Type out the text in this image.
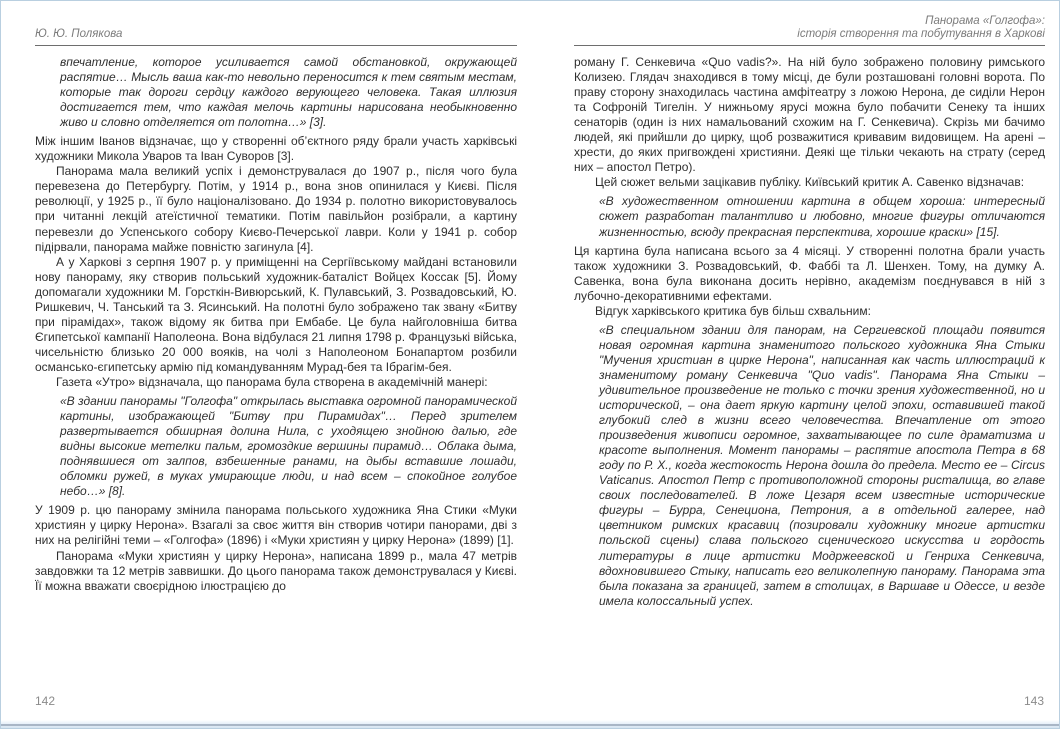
Ю. Ю. Полякова

впечатление, которое усиливается самой обстановкой, окружающей распятие… Мысль ваша как-то невольно переносится к тем святым местам, которые так дороги сердцу каждого верующего человека. Такая иллюзия достигается тем, что каждая мелочь картины нарисована необыкновенно живо и словно отделяется от полотна…» [3].

Між іншим Іванов відзначає, що у створенні об’єктного ряду брали участь харківські художники Микола Уваров та Іван Суворов [3].

Панорама мала великий успіх і демонструвалася до 1907 р., після чого була перевезена до Петербургу. Потім, у 1914 р., вона знов опинилася у Києві. Після революції, у 1925 р., її було націоналізовано. До 1934 р. полотно використовувалось при читанні лекцій атеїстичної тематики. Потім павільйон розібрали, а картину перевезли до Успенського собору Києво-Печерської лаври. Коли у 1941 р. собор підірвали, панорама майже повністю загинула [4].

А у Харкові з серпня 1907 р. у приміщенні на Сергіївському майдані встановили нову панораму, яку створив польський художник-баталіст Войцех Коссак [5]. Йому допомагали художники М. Горсткін-Вивюрський, К. Пулавський, З. Розвадовський, Ю. Ришкевич, Ч. Танський та З. Ясинський. На полотні було зображено так звану «Битву при пірамідах», також відому як битва при Ембабе. Це була найголовніша битва Єгипетської кампанії Наполеона. Вона відбулася 21 липня 1798 р. Французькі війська, чисельністю близько 20 000 вояків, на чолі з Наполеоном Бонапартом розбили османсько-єгипетську армію під командуванням Мурад-бея та Ібрагім-бея.

Газета «Утро» відзначала, що панорама була створена в академічній манері:

«В здании панорамы "Голгофа" открылась выставка огромной панорамической картины, изображающей "Битву при Пирамидах"… Перед зрителем развертывается обширная долина Нила, с уходящею знойною далью, где видны высокие метелки пальм, громоздкие вершины пирамид… Облака дыма, поднявшиеся от залпов, взбешенные ранами, на дыбы вставшие лошади, обломки ружей, в муках умирающие люди, и над всем – спокойное голубое небо…» [8].

У 1909 р. цю панораму змінила панорама польського художника Яна Стики «Муки християн у цирку Нерона». Взагалі за своє життя він створив чотири панорами, дві з них на релігійні теми – «Голгофа» (1896) і «Муки християн у цирку Нерона» (1899) [1].

Панорама «Муки християн у цирку Нерона», написана 1899 р., мала 47 метрів завдовжки та 12 метрів заввишки. До цього панорама також демонструвалася у Києві. Її можна вважати своєрідною ілюстрацією до

142
Панорама «Голгофа»:
історія створення та побутування в Харкові

роману Г. Сенкевича «Quo vadis?». На ній було зображено половину римського Колизею. Глядач знаходився в тому місці, де були розташовані головні ворота. По праву сторону знаходилась частина амфітеатру з ложою Нерона, де сиділи Нерон та Софроній Тигелін. У нижньому ярусі можна було побачити Сенеку та інших сенаторів (один із них намальований схожим на Г. Сенкевича). Скрізь ми бачимо людей, які прийшли до цирку, щоб розважитися кривавим видовищем. На арені – хрести, до яких пригвождені християни. Деякі ще тільки чекають на страту (серед них – апостол Петро).

Цей сюжет вельми зацікавив публіку. Київський критик А. Савенко відзначав:

«В художественном отношении картина в общем хороша: интересный сюжет разработан талантливо и любовно, многие фигуры отличаются жизненностью, всюду прекрасная перспектива, хорошие краски» [15].

Ця картина була написана всього за 4 місяці. У створенні полотна брали участь також художники З. Розвадовський, Ф. Фаббі та Л. Шенхен. Тому, на думку А. Савенка, вона була виконана досить нерівно, академізм поєднувався в ній з лубочно-декоративними ефектами.

Відгук харківського критика був більш схвальним:

«В специальном здании для панорам, на Сергиевской площади появится новая огромная картина знаменитого польского художника Яна Стыки "Мучения христиан в цирке Нерона", написанная как часть иллюстраций к знаменитому роману Сенкевича "Quo vadis". Панорама Яна Стыки – удивительное произведение не только с точки зрения художественной, но и исторической, – она дает яркую картину целой эпохи, оставившей такой глубокий след в жизни всего человечества. Впечатление от этого произведения живописи огромное, захватывающее по силе драматизма и красоте выполнения. Момент панорамы – распятие апостола Петра в 68 году по Р. Х., когда жестокость Нерона дошла до предела. Место ее – Circus Vaticanus. Апостол Петр с противоположной стороны ристалища, во главе своих последователей. В ложе Цезаря всем известные исторические фигуры – Бурра, Сенециона, Петрония, а в отдельной галерее, над цветником римских красавиц (позировали художнику многие артистки польской сцены) слава польского сценического искусства и гордость литературы в лице артистки Модржеевской и Генриха Сенкевича, вдохновившего Стыку, написать его великолепную панораму. Панорама эта была показана за границей, затем в столицах, в Варшаве и Одессе, и везде имела колоссальный успех.

143
